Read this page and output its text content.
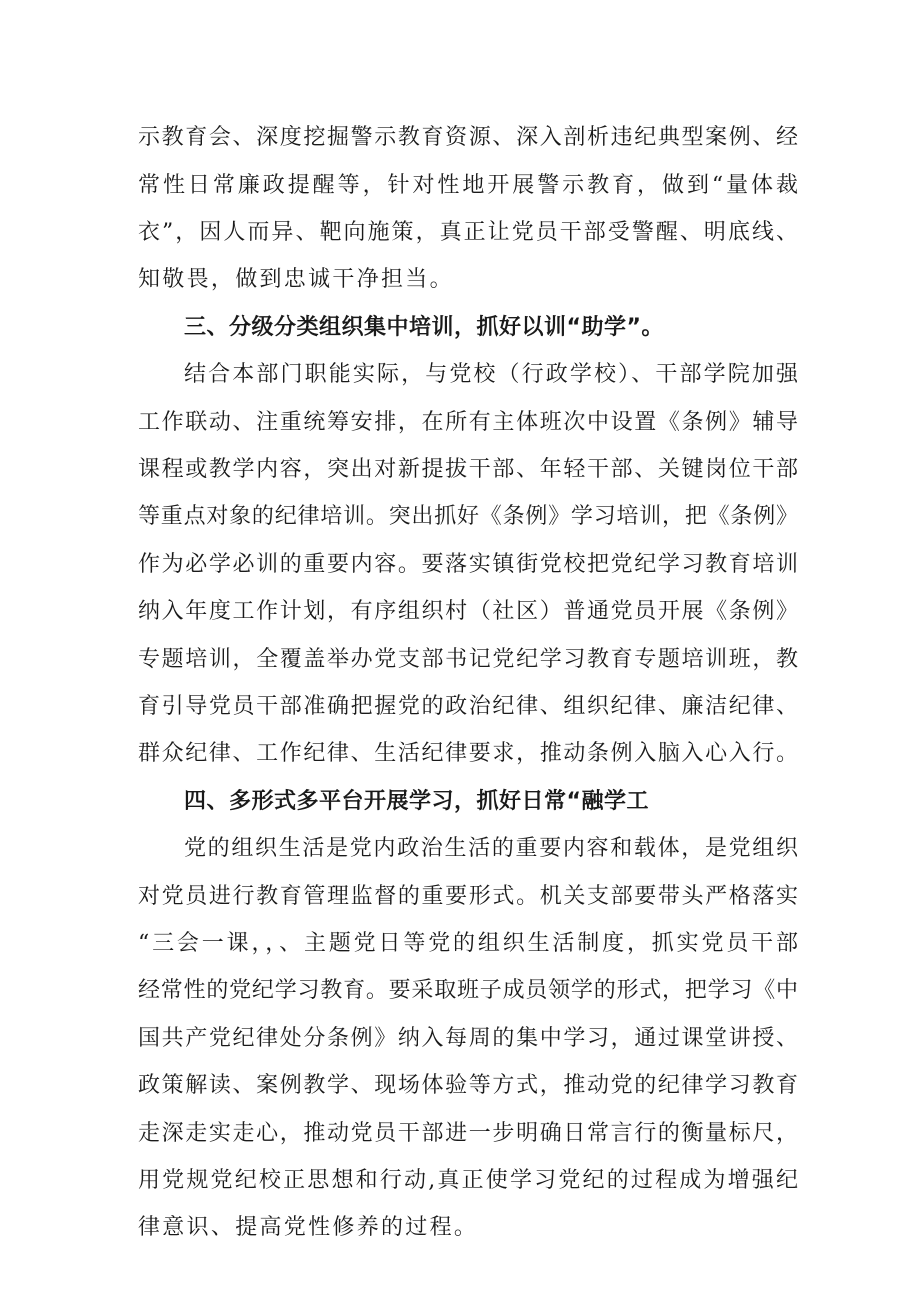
示教育会、深度挖掘警示教育资源、深入剖析违纪典型案例、经
常性日常廉政提醒等，针对性地开展警示教育，做到“量体裁
衣”，因人而异、靶向施策，真正让党员干部受警醒、明底线、
知敬畏，做到忠诚干净担当。
三、分级分类组织集中培训，抓好以训“助学”。
结合本部门职能实际，与党校（行政学校）、干部学院加强
工作联动、注重统筹安排，在所有主体班次中设置《条例》辅导
课程或教学内容，突出对新提拔干部、年轻干部、关键岗位干部
等重点对象的纪律培训。突出抓好《条例》学习培训，把《条例》
作为必学必训的重要内容。要落实镇街党校把党纪学习教育培训
纳入年度工作计划，有序组织村（社区）普通党员开展《条例》
专题培训，全覆盖举办党支部书记党纪学习教育专题培训班，教
育引导党员干部准确把握党的政治纪律、组织纪律、廉洁纪律、
群众纪律、工作纪律、生活纪律要求，推动条例入脑入心入行。
四、多形式多平台开展学习，抓好日常“融学工
党的组织生活是党内政治生活的重要内容和载体，是党组织
对党员进行教育管理监督的重要形式。机关支部要带头严格落实
“三会一课，，、主题党日等党的组织生活制度，抓实党员干部
经常性的党纪学习教育。要采取班子成员领学的形式，把学习《中
国共产党纪律处分条例》纳入每周的集中学习，通过课堂讲授、
政策解读、案例教学、现场体验等方式，推动党的纪律学习教育
走深走实走心，推动党员干部进一步明确日常言行的衡量标尺，
用党规党纪校正思想和行动,真正使学习党纪的过程成为增强纪
律意识、提高党性修养的过程。
